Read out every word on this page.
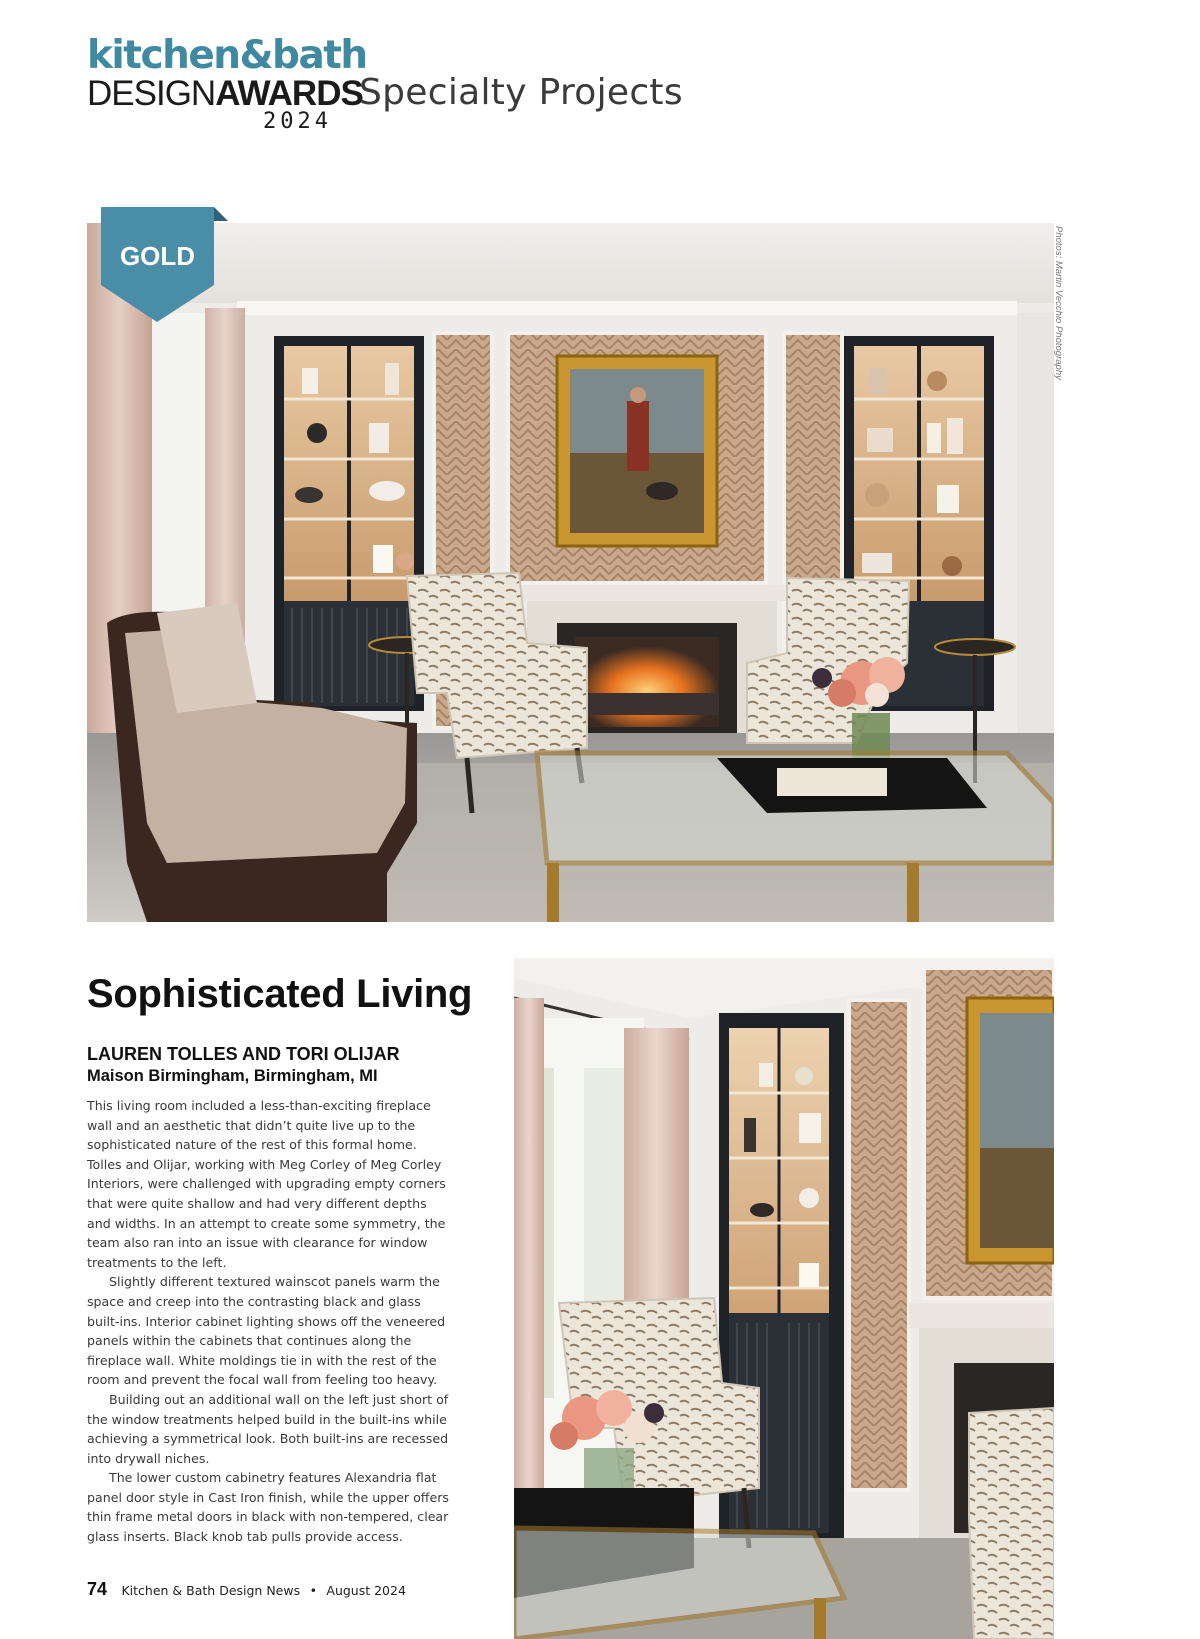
kitchen&bath
DESIGNAWARDS
2024
Specialty Projects
GOLD	Photos: Martin Vecchio Photography
Sophisticated Living
LAUREN TOLLES AND TORI OLIJAR
Maison Birmingham, Birmingham, MI

This living room included a less-than-exciting fireplace wall and an aesthetic that didn’t quite live up to the sophisticated nature of the rest of this formal home. Tolles and Olijar, working with Meg Corley of Meg Corley Interiors, were challenged with upgrading empty corners that were quite shallow and had very different depths and widths. In an attempt to create some symmetry, the team also ran into an issue with clearance for window treatments to the left.

Slightly different textured wainscot panels warm the space and creep into the contrasting black and glass built-ins. Interior cabinet lighting shows off the veneered panels within the cabinets that continues along the fireplace wall. White moldings tie in with the rest of the room and prevent the focal wall from feeling too heavy.

Building out an additional wall on the left just short of the window treatments helped build in the built-ins while achieving a symmetrical look. Both built-ins are recessed into drywall niches.

The lower custom cabinetry features Alexandria flat panel door style in Cast Iron finish, while the upper offers thin frame metal doors in black with non-tempered, clear glass inserts. Black knob tab pulls provide access.

74 Kitchen & Bath Design News • August 2024
